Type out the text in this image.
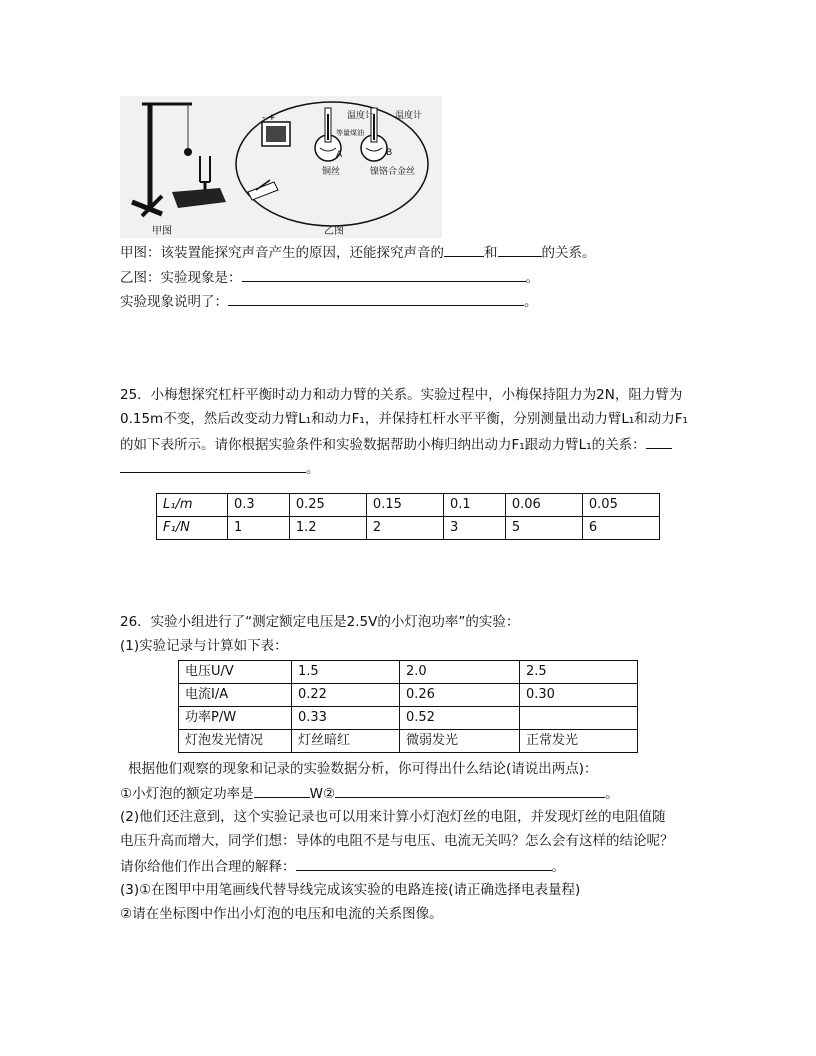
- +	温度计 温度计
等量煤油
A	B
铜丝	镍铬合金丝
甲图	乙图
甲图：该装置能探究声音产生的原因，还能探究声音的	和	的关系。
乙图：实验现象是：	。
实验现象说明了：	。
25．小梅想探究杠杆平衡时动力和动力臂的关系。实验过程中，小梅保持阻力为2N，阻力臂为
0.15m不变，然后改变动力臂L₁和动力F₁，并保持杠杆水平平衡，分别测量出动力臂L₁和动力F₁
的如下表所示。请你根据实验条件和实验数据帮助小梅归纳出动力F₁跟动力臂L₁的关系：
。
L₁/m	0.3	0.25	0.15	0.1	0.06	0.05
F₁/N	1	1.2	2	3	5	6
26．实验小组进行了“测定额定电压是2.5V的小灯泡功率”的实验：
(1)实验记录与计算如下表：
电压U/V	1.5	2.0	2.5
电流I/A	0.22	0.26	0.30
功率P/W	0.33	0.52	
灯泡发光情况	灯丝暗红	微弱发光	正常发光
根据他们观察的现象和记录的实验数据分析，你可得出什么结论(请说出两点)：
①小灯泡的额定功率是	W②	。
(2)他们还注意到，这个实验记录也可以用来计算小灯泡灯丝的电阻，并发现灯丝的电阻值随
电压升高而增大，同学们想：导体的电阻不是与电压、电流无关吗？怎么会有这样的结论呢？
请你给他们作出合理的解释：	。
(3)①在图甲中用笔画线代替导线完成该实验的电路连接(请正确选择电表量程)
②请在坐标图中作出小灯泡的电压和电流的关系图像。
